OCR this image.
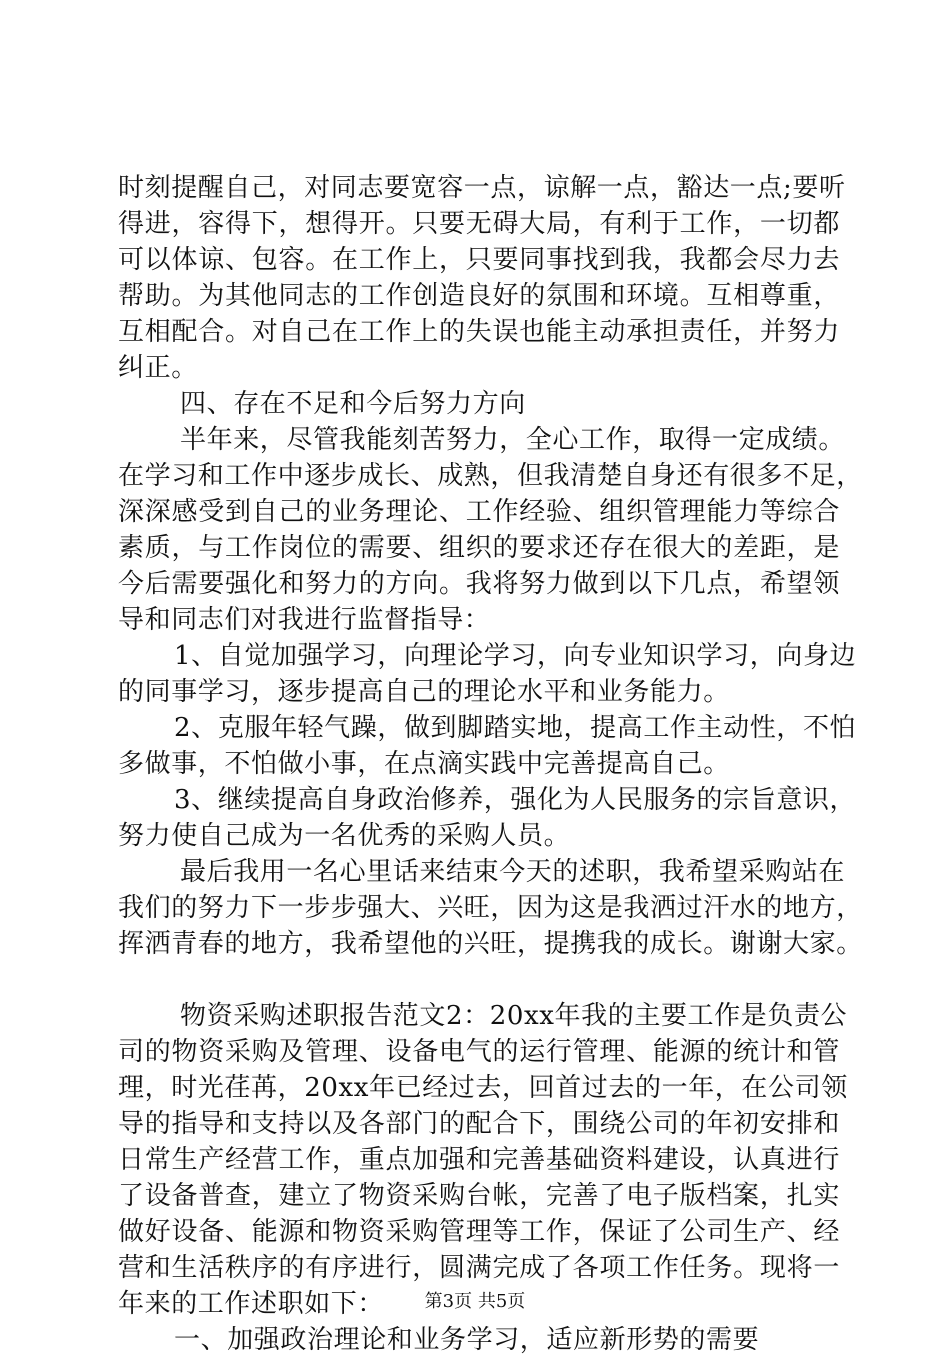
时刻提醒自己，对同志要宽容一点，谅解一点，豁达一点;要听
得进，容得下，想得开。只要无碍大局，有利于工作，一切都
可以体谅、包容。在工作上，只要同事找到我，我都会尽力去
帮助。为其他同志的工作创造良好的氛围和环境。互相尊重，
互相配合。对自己在工作上的失误也能主动承担责任，并努力
纠正。
四、存在不足和今后努力方向
半年来，尽管我能刻苦努力，全心工作，取得一定成绩。
在学习和工作中逐步成长、成熟，但我清楚自身还有很多不足，
深深感受到自己的业务理论、工作经验、组织管理能力等综合
素质，与工作岗位的需要、组织的要求还存在很大的差距，是
今后需要强化和努力的方向。我将努力做到以下几点，希望领
导和同志们对我进行监督指导：
1、自觉加强学习，向理论学习，向专业知识学习，向身边
的同事学习，逐步提高自己的理论水平和业务能力。
2、克服年轻气躁，做到脚踏实地，提高工作主动性，不怕
多做事，不怕做小事，在点滴实践中完善提高自己。
3、继续提高自身政治修养，强化为人民服务的宗旨意识，
努力使自己成为一名优秀的采购人员。
最后我用一名心里话来结束今天的述职，我希望采购站在
我们的努力下一步步强大、兴旺，因为这是我洒过汗水的地方，
挥洒青春的地方，我希望他的兴旺，提携我的成长。谢谢大家。
物资采购述职报告范文2：20xx年我的主要工作是负责公
司的物资采购及管理、设备电气的运行管理、能源的统计和管
理，时光荏苒，20xx年已经过去，回首过去的一年，在公司领
导的指导和支持以及各部门的配合下，围绕公司的年初安排和
日常生产经营工作，重点加强和完善基础资料建设，认真进行
了设备普查，建立了物资采购台帐，完善了电子版档案，扎实
做好设备、能源和物资采购管理等工作，保证了公司生产、经
营和生活秩序的有序进行，圆满完成了各项工作任务。现将一
年来的工作述职如下：
一、加强政治理论和业务学习，适应新形势的需要
第3页 共5页
